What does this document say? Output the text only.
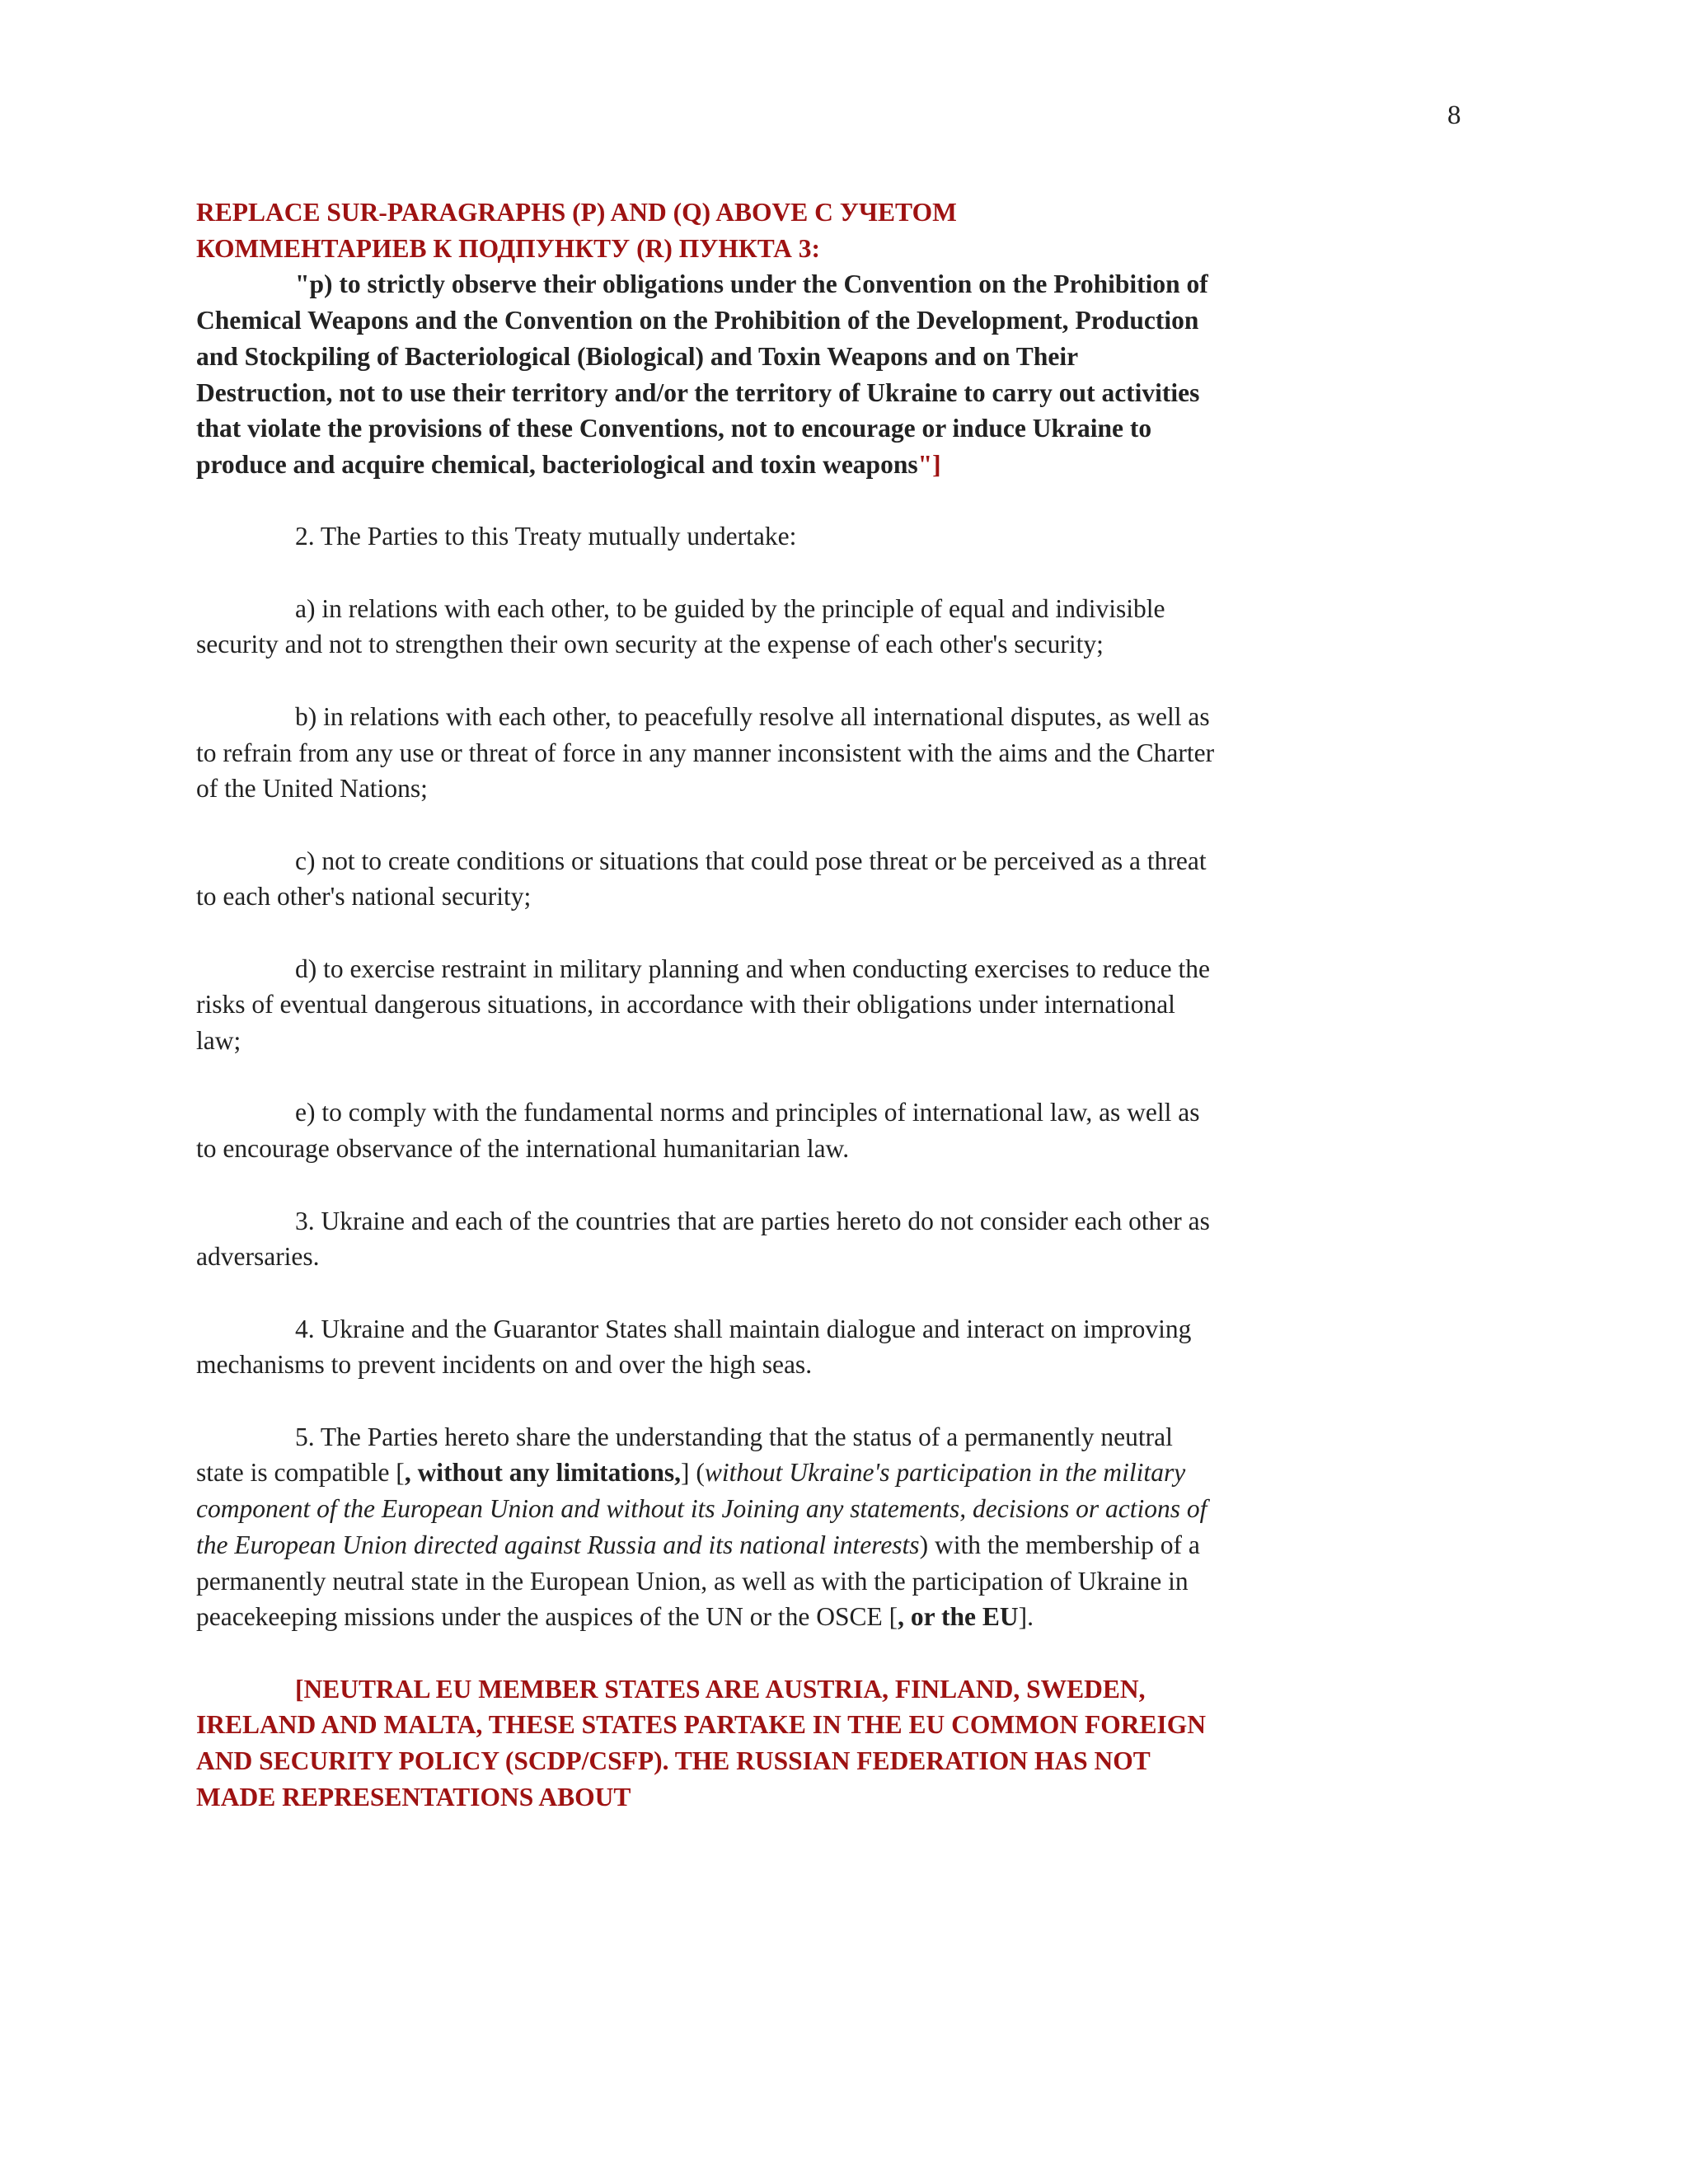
8

REPLACE SUR-PARAGRAPHS (P) AND (Q) ABOVE С УЧЕТОМ
КОММЕНТАРИЕВ К ПОДПУНКТУ (R) ПУНКТА 3:

"p) to strictly observe their obligations under the Convention on the Prohibition of Chemical Weapons and the Convention on the Prohibition of the Development, Production and Stockpiling of Bacteriological (Biological) and Toxin Weapons and on Their Destruction, not to use their territory and/or the territory of Ukraine to carry out activities that violate the provisions of these Conventions, not to encourage or induce Ukraine to produce and acquire chemical, bacteriological and toxin weapons"]

2. The Parties to this Treaty mutually undertake:

a) in relations with each other, to be guided by the principle of equal and indivisible security and not to strengthen their own security at the expense of each other's security;

b) in relations with each other, to peacefully resolve all international disputes, as well as to refrain from any use or threat of force in any manner inconsistent with the aims and the Charter of the United Nations;

c) not to create conditions or situations that could pose threat or be perceived as a threat to each other's national security;

d) to exercise restraint in military planning and when conducting exercises to reduce the risks of eventual dangerous situations, in accordance with their obligations under international law;

e) to comply with the fundamental norms and principles of international law, as well as to encourage observance of the international humanitarian law.

3. Ukraine and each of the countries that are parties hereto do not consider each other as adversaries.

4. Ukraine and the Guarantor States shall maintain dialogue and interact on improving mechanisms to prevent incidents on and over the high seas.

5. The Parties hereto share the understanding that the status of a permanently neutral state is compatible [, without any limitations,] (without Ukraine's participation in the military component of the European Union and without its Joining any statements, decisions or actions of the European Union directed against Russia and its national interests) with the membership of a permanently neutral state in the European Union, as well as with the participation of Ukraine in peacekeeping missions under the auspices of the UN or the OSCE [, or the EU].

[NEUTRAL EU MEMBER STATES ARE AUSTRIA, FINLAND, SWEDEN, IRELAND AND MALTA, THESE STATES PARTAKE IN THE EU COMMON FOREIGN AND SECURITY POLICY (SCDP/CSFP). THE RUSSIAN FEDERATION HAS NOT MADE REPRESENTATIONS ABOUT
